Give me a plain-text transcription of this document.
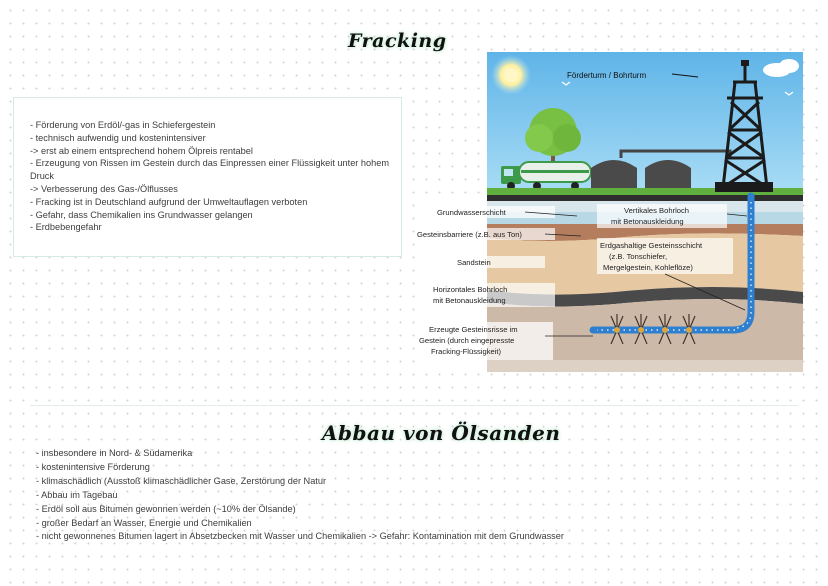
Fracking
- Förderung von Erdöl/-gas in Schiefergestein
- technisch aufwendig und kostenintensiver
-> erst ab einem entsprechend hohem Ölpreis rentabel
- Erzeugung von Rissen im Gestein durch das Einpressen einer Flüssigkeit unter hohem Druck
-> Verbesserung des Gas-/Ölflusses
- Fracking ist in Deutschland aufgrund der Umweltauflagen verboten
- Gefahr, dass Chemikalien ins Grundwasser gelangen
- Erdbebengefahr
Förderturm / Bohrturm
Grundwasserschicht
Gesteinsbarriere (z.B. aus Ton)
Sandstein
Horizontales Bohrloch
mit Betonauskleidung
Erzeugte Gesteinsrisse im
Gestein (durch eingepresste
Fracking-Flüssigkeit)
Vertikales Bohrloch
mit Betonauskleidung
Erdgashaltige Gesteinsschicht
(z.B. Tonschiefer,
Mergelgestein, Kohleflöze)
Abbau von Ölsanden
- insbesondere in Nord- & Südamerika
- kostenintensive Förderung
- klimaschädlich (Ausstoß klimaschädlicher Gase, Zerstörung der Natur
- Abbau im Tagebau
- Erdöl soll aus Bitumen gewonnen werden (~10% der Ölsande)
- großer Bedarf an Wasser, Energie und Chemikalien
- nicht gewonnenes Bitumen lagert in Absetzbecken mit Wasser und Chemikalien -> Gefahr: Kontamination mit dem Grundwasser
